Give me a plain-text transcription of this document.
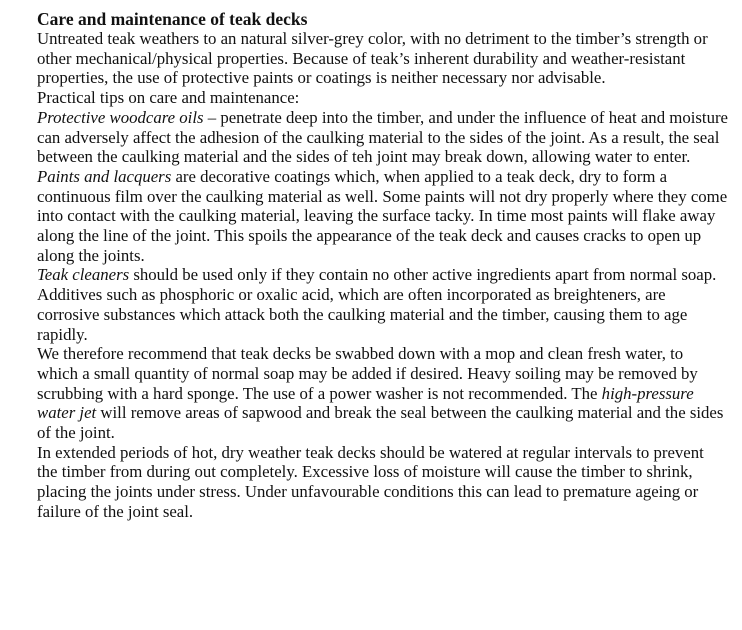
Care and maintenance of teak decks

Untreated teak weathers to an natural silver-grey color, with no detriment to the timber’s strength or other mechanical/physical properties. Because of teak’s inherent durability and weather-resistant properties, the use of protective paints or coatings is neither necessary nor advisable.

Practical tips on care and maintenance:

Protective woodcare oils – penetrate deep into the timber, and under the influence of heat and moisture can adversely affect the adhesion of the caulking material to the sides of the joint. As a result, the seal between the caulking material and the sides of teh joint may break down, allowing water to enter.

Paints and lacquers are decorative coatings which, when applied to a teak deck, dry to form a continuous film over the caulking material as well. Some paints will not dry properly where they come into contact with the caulking material, leaving the surface tacky. In time most paints will flake away along the line of the joint. This spoils the appearance of the teak deck and causes cracks to open up along the joints.

Teak cleaners should be used only if they contain no other active ingredients apart from normal soap. Additives such as phosphoric or oxalic acid, which are often incorporated as breighteners, are corrosive substances which attack both the caulking material and the timber, causing them to age rapidly.

We therefore recommend that teak decks be swabbed down with a mop and clean fresh water, to which a small quantity of normal soap may be added if desired. Heavy soiling may be removed by scrubbing with a hard sponge. The use of a power washer is not recommended. The high-pressure water jet will remove areas of sapwood and break the seal between the caulking material and the sides of the joint.

In extended periods of hot, dry weather teak decks should be watered at regular intervals to prevent the timber from during out completely. Excessive loss of moisture will cause the timber to shrink, placing the joints under stress. Under unfavourable conditions this can lead to premature ageing or failure of the joint seal.
